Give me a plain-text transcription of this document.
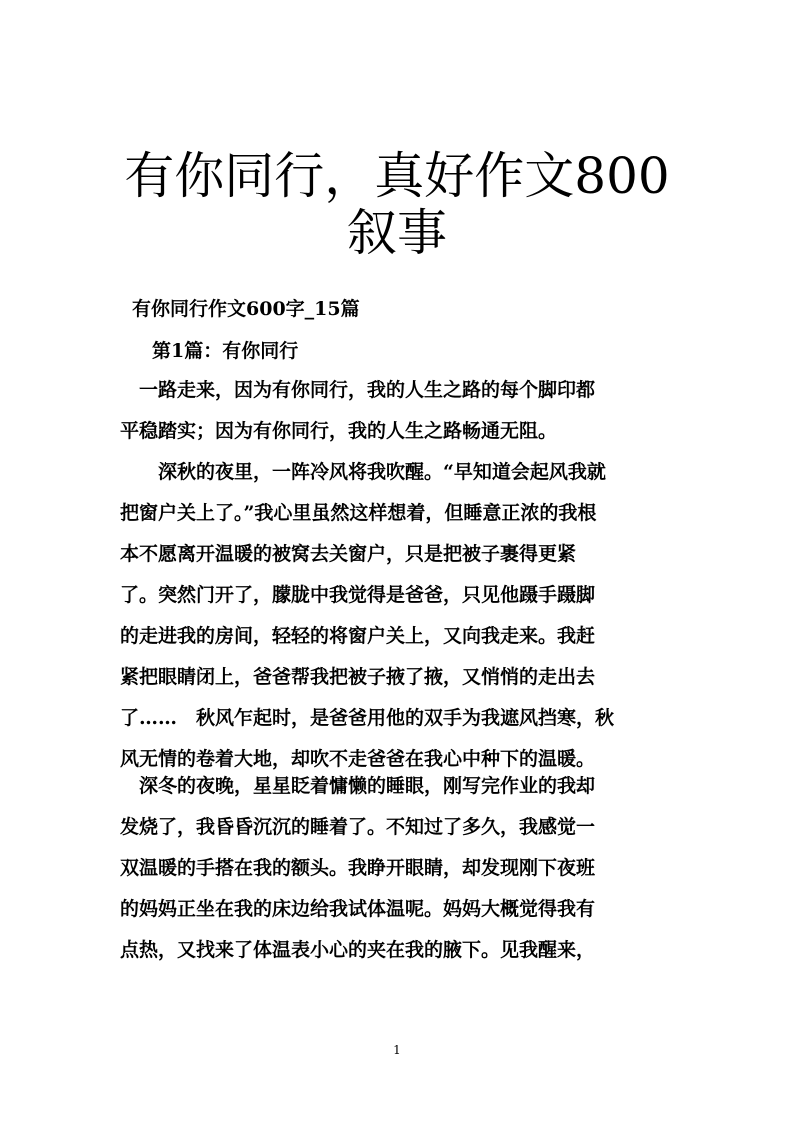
有你同行，真好作文800
叙事
有你同行作文600字_15篇
第1篇：有你同行
　一路走来，因为有你同行，我的人生之路的每个脚印都
平稳踏实；因为有你同行，我的人生之路畅通无阻。
　　深秋的夜里，一阵冷风将我吹醒。“早知道会起风我就
把窗户关上了。”我心里虽然这样想着，但睡意正浓的我根
本不愿离开温暖的被窝去关窗户，只是把被子裹得更紧
了。突然门开了，朦胧中我觉得是爸爸，只见他蹑手蹑脚
的走进我的房间，轻轻的将窗户关上，又向我走来。我赶
紧把眼睛闭上，爸爸帮我把被子掖了掖，又悄悄的走出去
了……　秋风乍起时，是爸爸用他的双手为我遮风挡寒，秋
风无情的卷着大地，却吹不走爸爸在我心中种下的温暖。
　深冬的夜晚，星星眨着慵懒的睡眼，刚写完作业的我却
发烧了，我昏昏沉沉的睡着了。不知过了多久，我感觉一
双温暖的手搭在我的额头。我睁开眼睛，却发现刚下夜班
的妈妈正坐在我的床边给我试体温呢。妈妈大概觉得我有
点热，又找来了体温表小心的夹在我的腋下。见我醒来，
1
